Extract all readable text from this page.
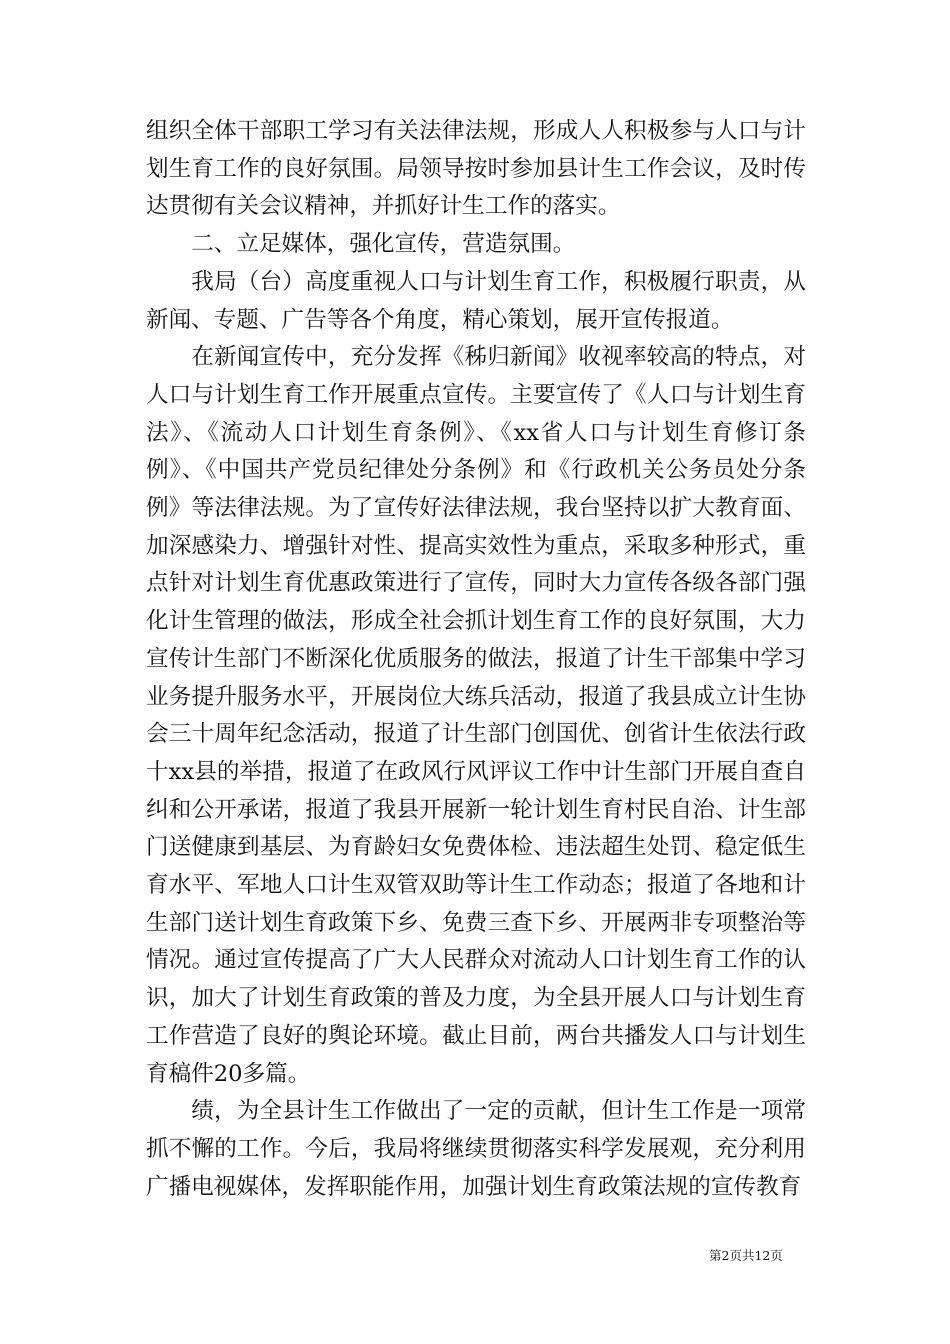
组织全体干部职工学习有关法律法规，形成人人积极参与人口与计划生育工作的良好氛围。局领导按时参加县计生工作会议，及时传达贯彻有关会议精神，并抓好计生工作的落实。

二、立足媒体，强化宣传，营造氛围。

我局（台）高度重视人口与计划生育工作，积极履行职责，从新闻、专题、广告等各个角度，精心策划，展开宣传报道。

在新闻宣传中，充分发挥《秭归新闻》收视率较高的特点，对人口与计划生育工作开展重点宣传。主要宣传了《人口与计划生育法》、《流动人口计划生育条例》、《xx省人口与计划生育修订条例》、《中国共产党员纪律处分条例》和《行政机关公务员处分条例》等法律法规。为了宣传好法律法规，我台坚持以扩大教育面、加深感染力、增强针对性、提高实效性为重点，采取多种形式，重点针对计划生育优惠政策进行了宣传，同时大力宣传各级各部门强化计生管理的做法，形成全社会抓计划生育工作的良好氛围，大力宣传计生部门不断深化优质服务的做法，报道了计生干部集中学习业务提升服务水平，开展岗位大练兵活动，报道了我县成立计生协会三十周年纪念活动，报道了计生部门创国优、创省计生依法行政十xx县的举措，报道了在政风行风评议工作中计生部门开展自查自纠和公开承诺，报道了我县开展新一轮计划生育村民自治、计生部门送健康到基层、为育龄妇女免费体检、违法超生处罚、稳定低生育水平、军地人口计生双管双助等计生工作动态；报道了各地和计生部门送计划生育政策下乡、免费三查下乡、开展两非专项整治等情况。通过宣传提高了广大人民群众对流动人口计划生育工作的认识，加大了计划生育政策的普及力度，为全县开展人口与计划生育工作营造了良好的舆论环境。截止目前，两台共播发人口与计划生育稿件20多篇。

绩，为全县计生工作做出了一定的贡献，但计生工作是一项常抓不懈的工作。今后，我局将继续贯彻落实科学发展观，充分利用广播电视媒体，发挥职能作用，加强计划生育政策法规的宣传教育

第2页共12页
